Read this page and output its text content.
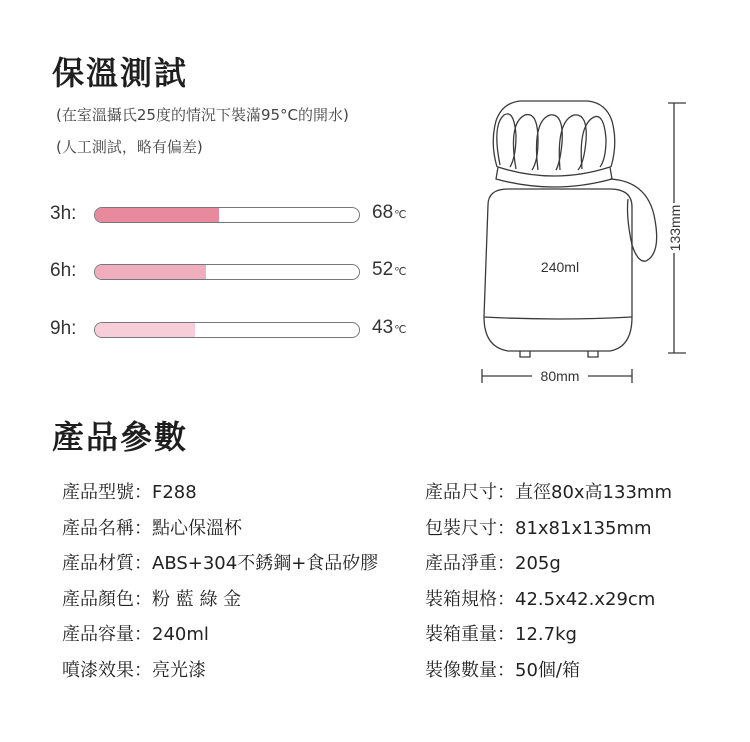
保溫測試
(在室溫攝氏25度的情況下裝滿95°C的開水)
(人工測試，略有偏差)
3h:	68℃
6h:	52℃
9h:	43℃
240ml
80mm
133mm
產品參數
產品型號：F288
產品名稱：點心保溫杯
產品材質：ABS+304不銹鋼+食品矽膠
產品顏色：粉 藍 綠 金
產品容量：240ml
噴漆效果：亮光漆
產品尺寸：直徑80x高133mm
包裝尺寸：81x81x135mm
產品淨重：205g
裝箱規格：42.5x42.x29cm
裝箱重量：12.7kg
裝像數量：50個/箱
